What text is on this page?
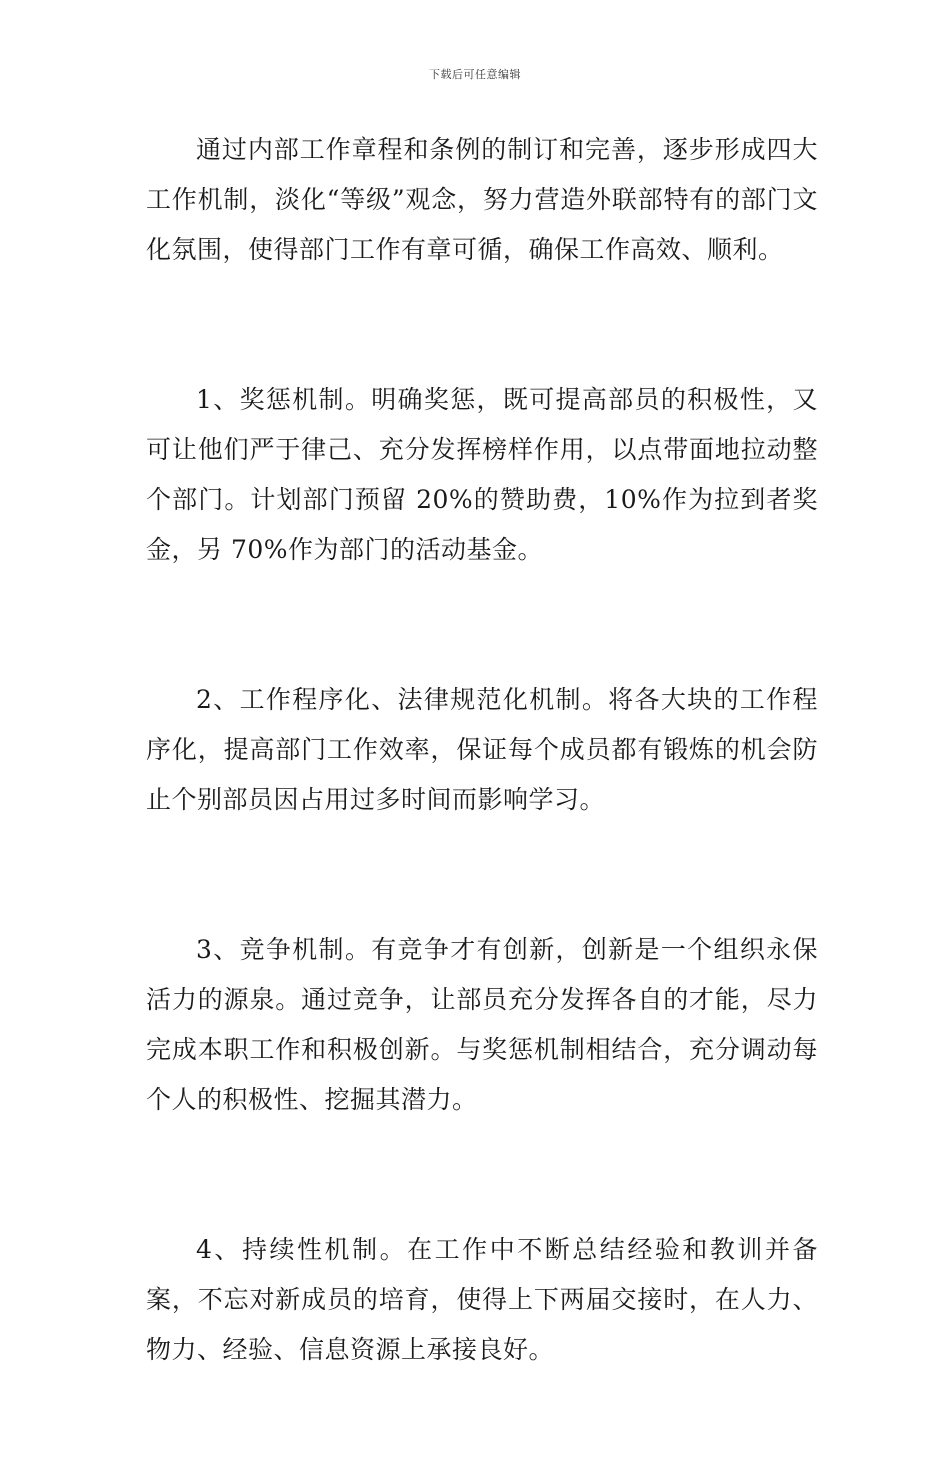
下载后可任意编辑

通过内部工作章程和条例的制订和完善，逐步形成四大工作机制，淡化“等级”观念，努力营造外联部特有的部门文化氛围，使得部门工作有章可循，确保工作高效、顺利。

1、奖惩机制。明确奖惩，既可提高部员的积极性，又可让他们严于律己、充分发挥榜样作用，以点带面地拉动整个部门。计划部门预留 20%的赞助费，10%作为拉到者奖金，另 70%作为部门的活动基金。

2、工作程序化、法律规范化机制。将各大块的工作程序化，提高部门工作效率，保证每个成员都有锻炼的机会防止个别部员因占用过多时间而影响学习。

3、竞争机制。有竞争才有创新，创新是一个组织永保活力的源泉。通过竞争，让部员充分发挥各自的才能，尽力完成本职工作和积极创新。与奖惩机制相结合，充分调动每个人的积极性、挖掘其潜力。

4、持续性机制。在工作中不断总结经验和教训并备案，不忘对新成员的培育，使得上下两届交接时，在人力、物力、经验、信息资源上承接良好。
